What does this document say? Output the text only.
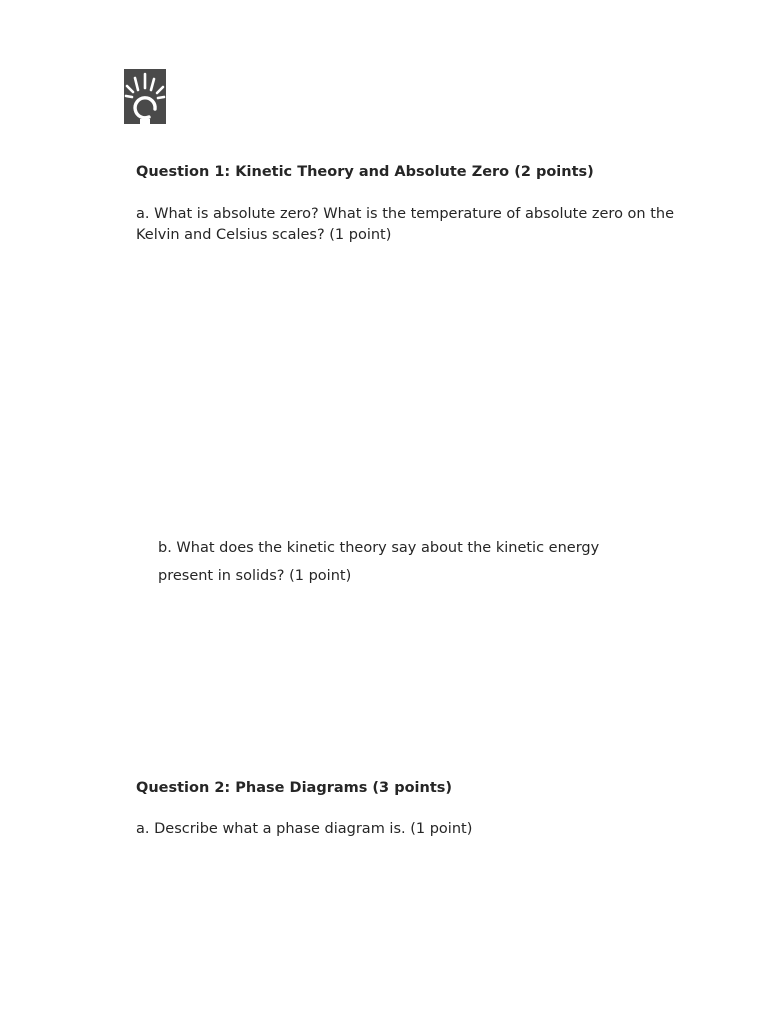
Question 1: Kinetic Theory and Absolute Zero (2 points)

a. What is absolute zero? What is the temperature of absolute zero on the Kelvin and Celsius scales? (1 point)

b. What does the kinetic theory say about the kinetic energy present in solids? (1 point)

Question 2: Phase Diagrams (3 points)

a. Describe what a phase diagram is. (1 point)
